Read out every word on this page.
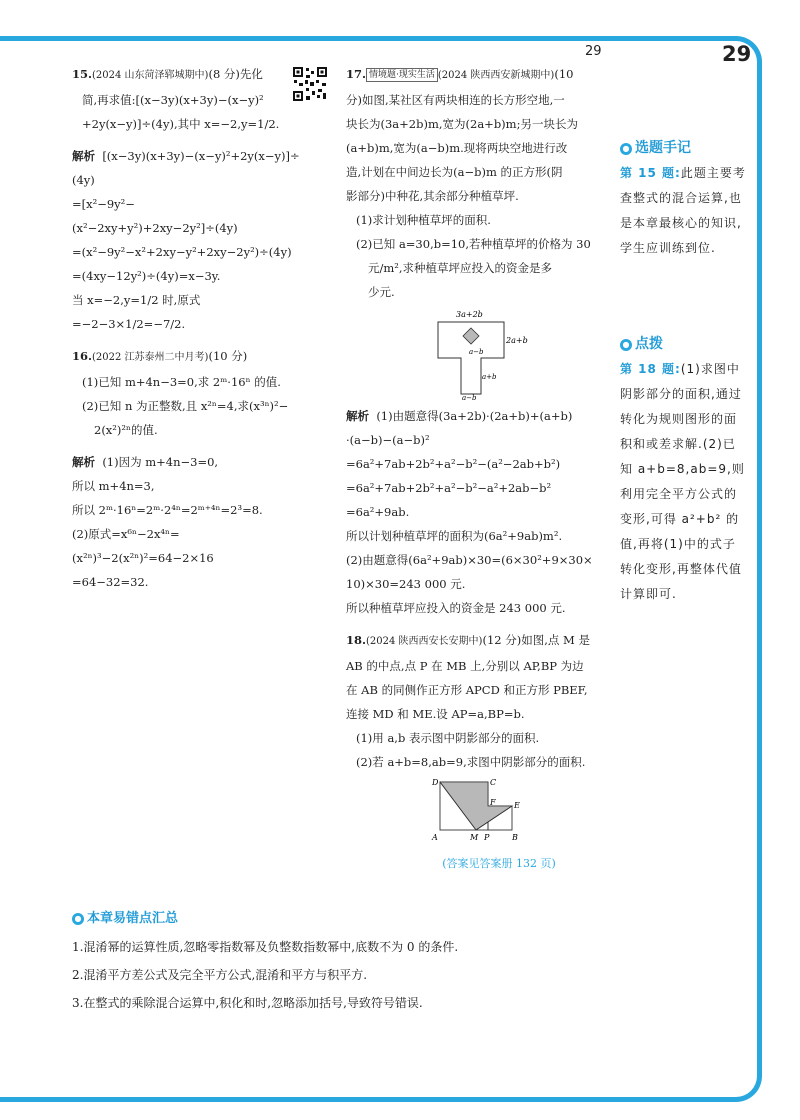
29	29

15.(2024 山东菏泽郓城期中)(8 分)先化

简,再求值:[(x−3y)(x+3y)−(x−y)²

+2y(x−y)]÷(4y),其中 x=−2,y=1/2.

解析 [(x−3y)(x+3y)−(x−y)²+2y(x−y)]÷

(4y)

=[x²−9y²−(x²−2xy+y²)+2xy−2y²]÷(4y)

=(x²−9y²−x²+2xy−y²+2xy−2y²)÷(4y)

=(4xy−12y²)÷(4y)=x−3y.

当 x=−2,y=1/2 时,原式=−2−3×1/2=−7/2.

16.(2022 江苏泰州二中月考)(10 分)

(1)已知 m+4n−3=0,求 2ᵐ·16ⁿ 的值.

(2)已知 n 为正整数,且 x²ⁿ=4,求(x³ⁿ)²−

2(x²)²ⁿ的值.

解析 (1)因为 m+4n−3=0,

所以 m+4n=3,

所以 2ᵐ·16ⁿ=2ᵐ·2⁴ⁿ=2ᵐ⁺⁴ⁿ=2³=8.

(2)原式=x⁶ⁿ−2x⁴ⁿ=(x²ⁿ)³−2(x²ⁿ)²=64−2×16

=64−32=32.

17. 情境题·现实生活 (2024 陕西西安新城期中)(10

分)如图,某社区有两块相连的长方形空地,一

块长为(3a+2b)m,宽为(2a+b)m;另一块长为

(a+b)m,宽为(a−b)m.现将两块空地进行改

造,计划在中间边长为(a−b)m 的正方形(阴

影部分)中种花,其余部分种植草坪.

(1)求计划种植草坪的面积.

(2)已知 a=30,b=10,若种植草坪的价格为 30

元/m²,求种植草坪应投入的资金是多

少元.

3a+2b
a−b
2a+b
a+b
a−b

解析 (1)由题意得(3a+2b)·(2a+b)+(a+b)

·(a−b)−(a−b)²

=6a²+7ab+2b²+a²−b²−(a²−2ab+b²)

=6a²+7ab+2b²+a²−b²−a²+2ab−b²

=6a²+9ab.

所以计划种植草坪的面积为(6a²+9ab)m².

(2)由题意得(6a²+9ab)×30=(6×30²+9×30×

10)×30=243 000 元.

所以种植草坪应投入的资金是 243 000 元.

18.(2024 陕西西安长安期中)(12 分)如图,点 M 是

AB 的中点,点 P 在 MB 上,分别以 AP,BP 为边

在 AB 的同侧作正方形 APCD 和正方形 PBEF,

连接 MD 和 ME.设 AP=a,BP=b.

(1)用 a,b 表示图中阴影部分的面积.

(2)若 a+b=8,ab=9,求图中阴影部分的面积.

D	C
F E
A	M P	B

(答案见答案册 132 页)

● 选题手记

第 15 题:此题主要考查整式的混合运算,也是本章最核心的知识,学生应训练到位.

● 点拨

第 18 题:(1)求图中阴影部分的面积,通过转化为规则图形的面积和或差求解.(2)已知 a+b=8,ab=9,则利用完全平方公式的变形,可得 a²+b² 的值,再将(1)中的式子转化变形,再整体代值计算即可.

● 本章易错点汇总

1.混淆幂的运算性质,忽略零指数幂及负整数指数幂中,底数不为 0 的条件.

2.混淆平方差公式及完全平方公式,混淆和平方与积平方.

3.在整式的乘除混合运算中,积化和时,忽略添加括号,导致符号错误.
